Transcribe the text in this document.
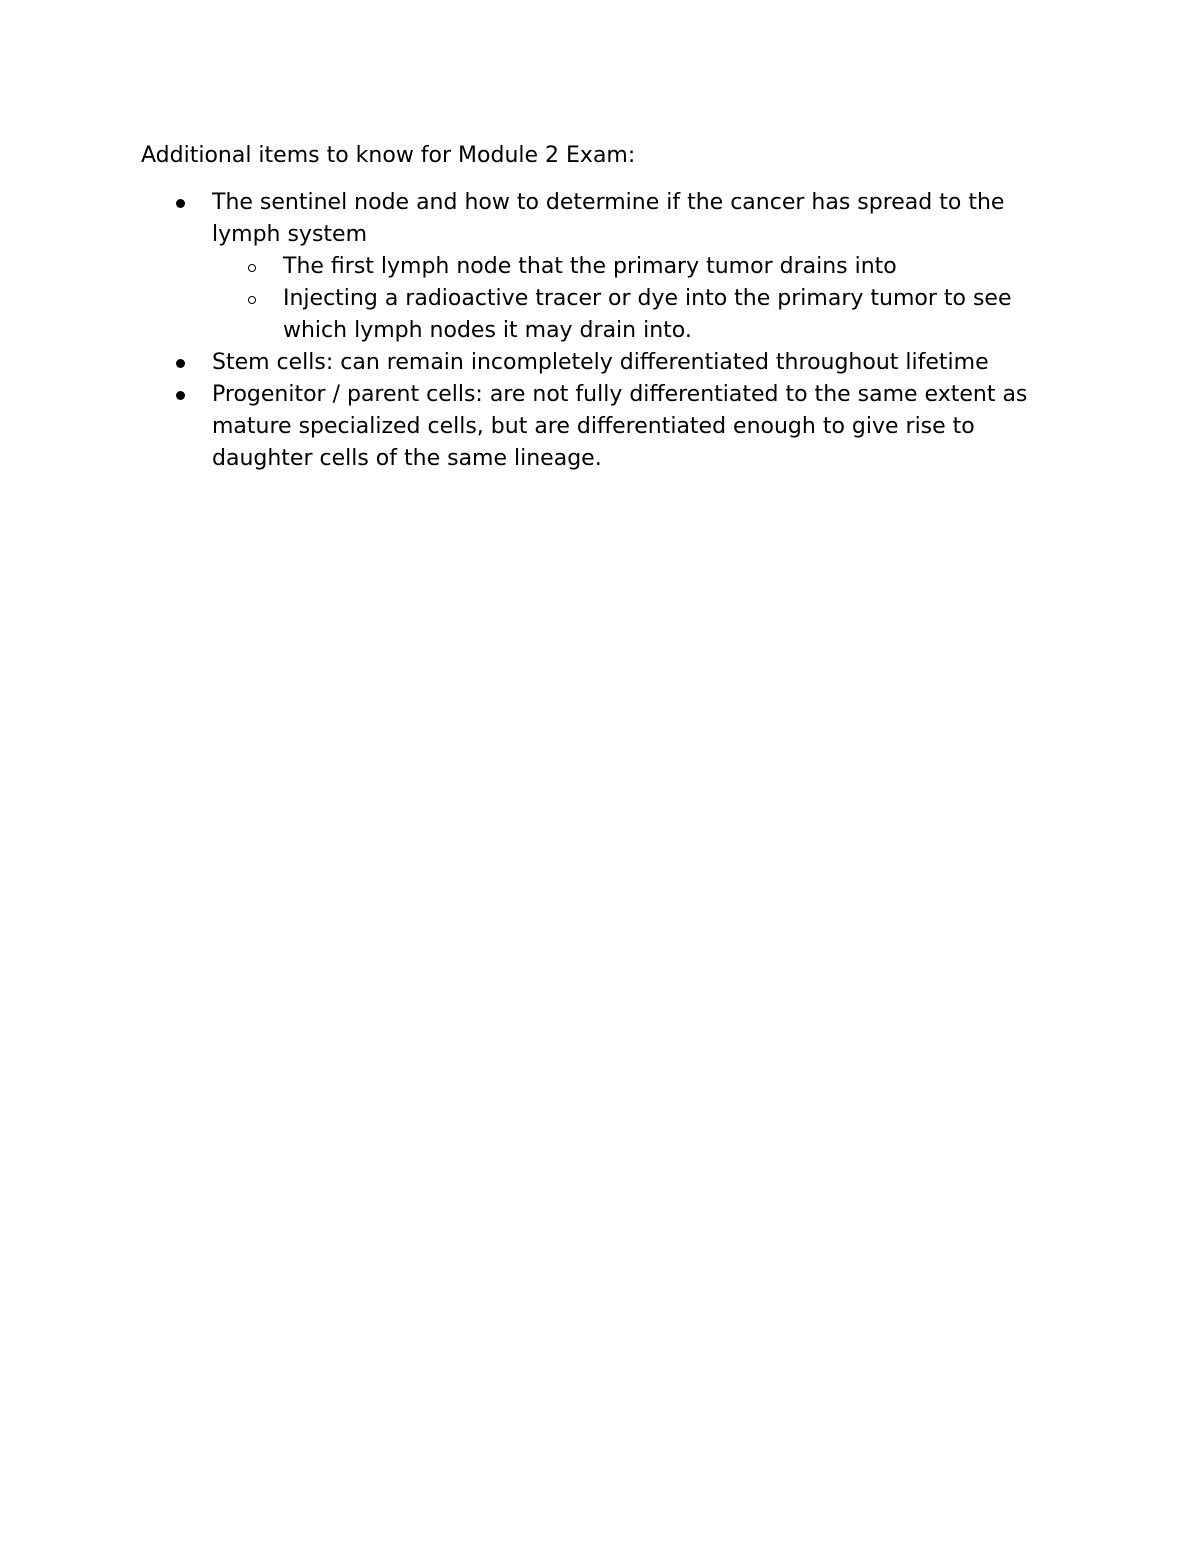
Additional items to know for Module 2 Exam:
The sentinel node and how to determine if the cancer has spread to the lymph system
The first lymph node that the primary tumor drains into
Injecting a radioactive tracer or dye into the primary tumor to see which lymph nodes it may drain into.
Stem cells: can remain incompletely differentiated throughout lifetime
Progenitor / parent cells: are not fully differentiated to the same extent as mature specialized cells, but are differentiated enough to give rise to daughter cells of the same lineage.
